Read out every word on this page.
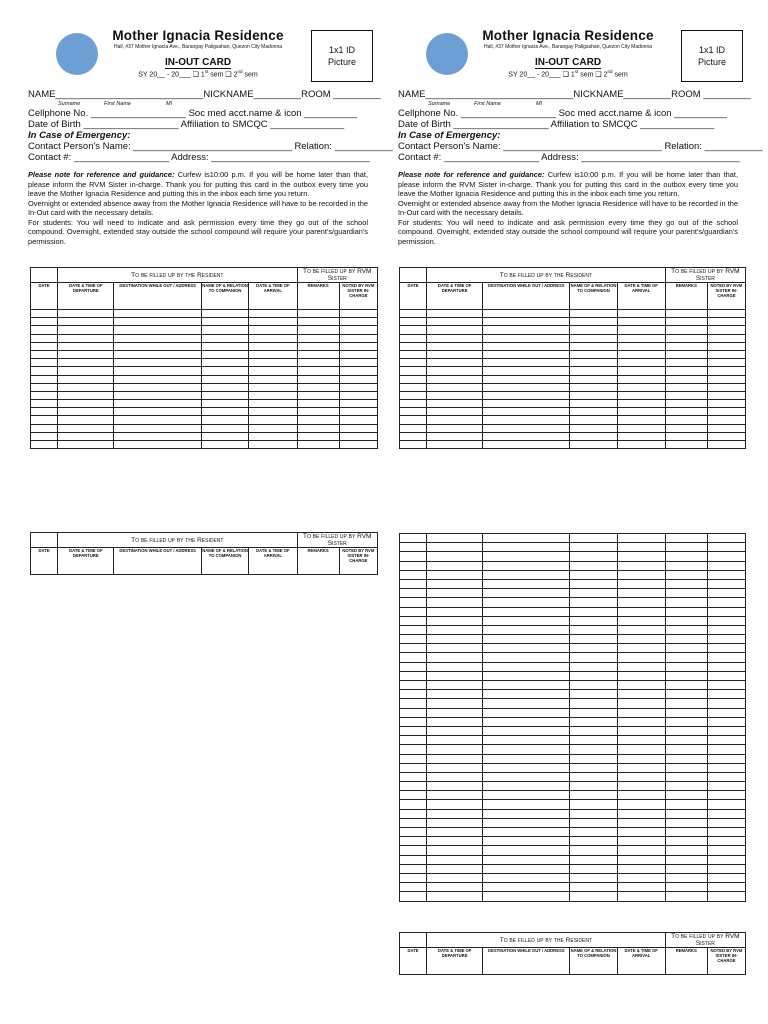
Mother Ignacia Residence
Hall, #37 Mother Ignacia Ave., Barangay Paligsahan, Quezon City Madonna
IN-OUT CARD
SY 20__ - 20___ ❑ 1st sem ❑ 2nd sem
1x1 ID
Picture
NAME____________________________NICKNAME_________ROOM _________
Surname	First Name	MI
Cellphone No. __________________ Soc med acct.name & icon __________
Date of Birth __________________ Affiliation to SMCQC ______________
In Case of Emergency:
Contact Person's Name: ______________________________ Relation: ___________
Contact #: __________________ Address: ______________________________
Please note for reference and guidance: Curfew is10:00 p.m. If you will be home later than that, please inform the RVM Sister in-charge. Thank you for putting this card in the outbox every time you leave the Mother Ignacia Residence and putting this in the inbox each time you return.
Overnight or extended absence away from the Mother Ignacia Residence will have to be recorded in the In-Out card with the necessary details.
For students: You will need to indicate and ask permission every time they go out of the school compound. Overnight, extended stay outside the school compound will require your parent's/guardian's permission.
Mother Ignacia Residence
Hall, #37 Mother Ignacia Ave., Barangay Paligsahan, Quezon City Madonna
IN-OUT CARD
SY 20__ - 20___ ❑ 1st sem ❑ 2nd sem
1x1 ID
Picture
NAME____________________________NICKNAME_________ROOM _________
Surname	First Name	MI
Cellphone No. __________________ Soc med acct.name & icon __________
Date of Birth __________________ Affiliation to SMCQC ______________
In Case of Emergency:
Contact Person's Name: ______________________________ Relation: ___________
Contact #: __________________ Address: ______________________________
Please note for reference and guidance: Curfew is10:00 p.m. If you will be home later than that, please inform the RVM Sister in-charge. Thank you for putting this card in the outbox every time you leave the Mother Ignacia Residence and putting this in the inbox each time you return.
Overnight or extended absence away from the Mother Ignacia Residence will have to be recorded in the In-Out card with the necessary details.
For students: You will need to indicate and ask permission every time they go out of the school compound. Overnight, extended stay outside the school compound will require your parent's/guardian's permission.
	To be filled up by the Resident				To be filled up by RVM Sister	
DATE	DATE & TIME OF DEPARTURE	DESTINATION WHILE OUT / ADDRESS	NAME OF & RELATION TO COMPANION	DATE & TIME OF ARRIVAL	REMARKS	NOTED BY RVM SISTER IN-CHARGE

	To be filled up by the Resident				To be filled up by RVM Sister	
DATE	DATE & TIME OF DEPARTURE	DESTINATION WHILE OUT / ADDRESS	NAME OF & RELATION TO COMPANION	DATE & TIME OF ARRIVAL	REMARKS	NOTED BY RVM SISTER IN-CHARGE

	To be filled up by the Resident				To be filled up by RVM Sister	
DATE	DATE & TIME OF DEPARTURE	DESTINATION WHILE OUT / ADDRESS	NAME OF & RELATION TO COMPANION	DATE & TIME OF ARRIVAL	REMARKS	NOTED BY RVM SISTER IN-CHARGE

	To be filled up by the Resident				To be filled up by RVM Sister	
DATE	DATE & TIME OF DEPARTURE	DESTINATION WHILE OUT / ADDRESS	NAME OF & RELATION TO COMPANION	DATE & TIME OF ARRIVAL	REMARKS	NOTED BY RVM SISTER IN-CHARGE
